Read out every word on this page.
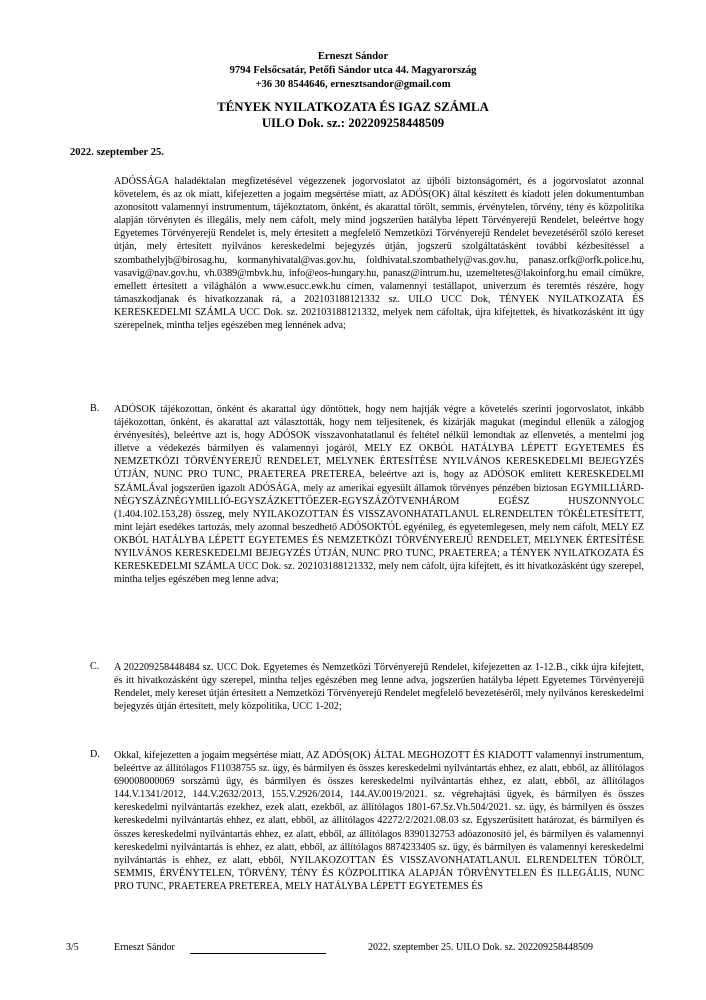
Erneszt Sándor
9794 Felsőcsatár, Petőfi Sándor utca 44. Magyarország
+36 30 8544646, ernesztsandor@gmail.com
TÉNYEK NYILATKOZATA ÉS IGAZ SZÁMLA
UILO Dok. sz.: 202209258448509
2022. szeptember 25.
ADÓSSÁGA haladéktalan megfizetésével végezzenek jogorvoslatot az újbóli biztonságomért, és a jogorvoslatot azonnal követelem, és az ok miatt, kifejezetten a jogaim megsértése miatt, az ADÓS(OK) által készített és kiadott jelen dokumentumban azonosított valamennyi instrumentum, tájékoztatom, önként, és akarattal törölt, semmis, érvénytelen, törvény, tény és közpolitika alapján törvényten és illegális, mely nem cáfolt, mely mind jogszerűen hatályba lépett Törvényerejű Rendelet, beleértve hogy Egyetemes Törvényerejű Rendelet is, mely értesített a megfelelő Nemzetközi Törvényerejű Rendelet bevezetéséről szóló kereset útján, mely értesített nyilvános kereskedelmi bejegyzés útján, jogszerű szolgáltatásként további kézbesítéssel a szombathelyjb@birosag.hu, kormanyhivatal@vas.gov.hu, foldhivatal.szombathely@vas.gov.hu, panasz.orfk@orfk.police.hu, vasavig@nav.gov.hu, vh.0389@mbvk.hu, info@eos-hungary.hu, panasz@intrum.hu, uzemeltetes@lakoinforg.hu email címükre, emellett értesített a világhálón a www.esucc.ewk.hu címen, valamennyi testállapot, univerzum és teremtés részére, hogy támaszkodjanak és hivatkozzanak rá, a 202103188121332 sz. UILO UCC Dok, TÉNYEK NYILATKOZATA ÉS KERESKEDELMI SZÁMLA UCC Dok. sz. 202103188121332, melyek nem cáfoltak, újra kifejtettek, és hivatkozásként itt úgy szerepelnek, mintha teljes egészében meg lennének adva;
B. ADÓSOK tájékozottan, önként és akarattal úgy döntöttek, hogy nem hajtják végre a követelés szerinti jogorvoslatot, inkább tájékozottan, önként, és akarattal azt választották, hogy nem teljesítenek, és kizárják magukat (megindul ellenük a zálogjog érvényesítés), beleértve azt is, hogy ADÓSOK visszavonhatatlanul és feltétel nélkül lemondtak az ellenvetés, a mentelmi jog illetve a védekezés bármilyen és valamennyi jogáról, MELY EZ OKBÓL HATÁLYBA LÉPETT EGYETEMES ÉS NEMZETKÖZI TÖRVÉNYEREJŰ RENDELET, MELYNEK ÉRTESÍTÉSE NYILVÁNOS KERESKEDELMI BEJEGYZÉS ÚTJÁN, NUNC PRO TUNC, PRAETEREA PRETEREA, beleértve azt is, hogy az ADÓSOK említett KERESKEDELMI SZÁMLÁval jogszerűen igazolt ADÓSÁGA, mely az amerikai egyesült államok törvényes pénzében biztosan EGYMILLIÁRD-NÉGYSZÁZNÉGYMILLIÓ-EGYSZÁZKETTŐEZER-EGYSZÁZÖTVENHÁROM EGÉSZ HUSZONNYOLC (1.404.102.153,28) összeg, mely NYILAKOZOTTAN ÉS VISSZAVONHATATLANUL ELRENDELTEN TÖKÉLETESÍTETT, mint lejárt esedékes tartozás, mely azonnal beszedhető ADÓSOKTÓL egyénileg, és egyetemlegesen, mely nem cáfolt, MELY EZ OKBÓL HATÁLYBA LÉPETT EGYETEMES ÉS NEMZETKÖZI TÖRVÉNYEREJŰ RENDELET, MELYNEK ÉRTESÍTÉSE NYILVÁNOS KERESKEDELMI BEJEGYZÉS ÚTJÁN, NUNC PRO TUNC, PRAETEREA; a TÉNYEK NYILATKOZATA ÉS KERESKEDELMI SZÁMLA UCC Dok. sz. 202103188121332, mely nem cáfolt, újra kifejtett, és itt hivatkozásként úgy szerepel, mintha teljes egészében meg lenne adva;
C. A 202209258448484 sz. UCC Dok. Egyetemes és Nemzetközi Törvényerejű Rendelet, kifejezetten az 1-12.B., cikk újra kifejtett, és itt hivatkozásként úgy szerepel, mintha teljes egészében meg lenne adva, jogszerűen hatályba lépett Egyetemes Törvényerejű Rendelet, mely kereset útján értesített a Nemzetközi Törvényerejű Rendelet megfelelő bevezetéséről, mely nyilvános kereskedelmi bejegyzés útján értesített, mely közpolitika, UCC 1-202;
D. Okkal, kifejezetten a jogaim megsértése miatt, AZ ADÓS(OK) ÁLTAL MEGHOZOTT ÉS KIADOTT valamennyi instrumentum, beleértve az állítólagos F11038755 sz. ügy, és bármilyen és összes kereskedelmi nyilvántartás ehhez, ez alatt, ebből, az állítólagos 690008000069 sorszámú ügy, és bármilyen és összes kereskedelmi nyilvántartás ehhez, ez alatt, ebből, az állítólagos 144.V.1341/2012, 144.V.2632/2013, 155.V.2926/2014, 144.AV.0019/2021. sz. végrehajtási ügyek, és bármilyen és összes kereskedelmi nyilvántartás ezekhez, ezek alatt, ezekből, az állítólagos 1801-67.Sz.Vh.504/2021. sz. ügy, és bármilyen és összes kereskedelmi nyilvántartás ehhez, ez alatt, ebből, az állítólagos 42272/2/2021.08.03 sz. Egyszerűsített határozat, és bármilyen és összes kereskedelmi nyilvántartás ehhez, ez alatt, ebből, az állítólagos 8390132753 adóazonosító jel, és bármilyen és valamennyi kereskedelmi nyilvántartás is ehhez, ez alatt, ebből, az állítólagos 8874233405 sz. ügy, és bármilyen és valamennyi kereskedelmi nyilvántartás is ehhez, ez alatt, ebből, NYILAKOZOTTAN ÉS VISSZAVONHATATLANUL ELRENDELTEN TÖRÖLT, SEMMIS, ÉRVÉNYTELEN, TÖRVÉNY, TÉNY ÉS KÖZPOLITIKA ALAPJÁN TÖRVÉNYTELEN ÉS ILLEGÁLIS, NUNC PRO TUNC, PRAETEREA PRETEREA, MELY HATÁLYBA LÉPETT EGYETEMES ÉS
3/5	Erneszt Sándor	2022. szeptember 25. UILO Dok. sz. 202209258448509
